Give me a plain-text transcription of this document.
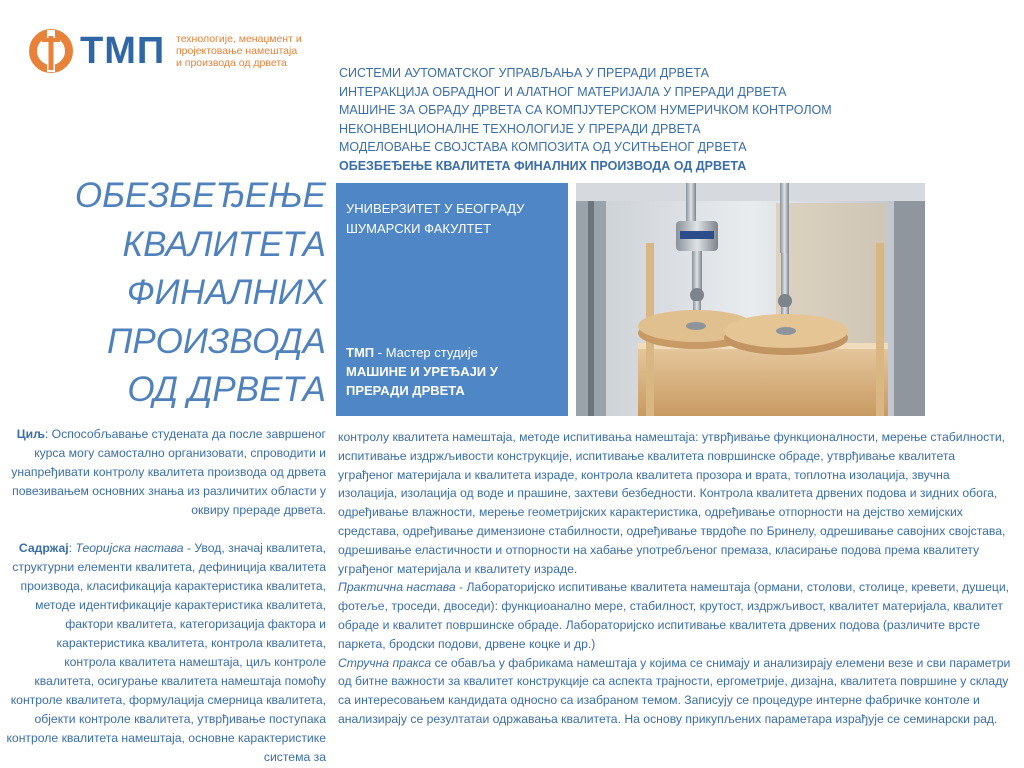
ТМП технологије, менаџмент и
пројектовање намештаја
и производа од дрвета
СИСТЕМИ АУТОМАТСКОГ УПРАВЉАЊА У ПРЕРАДИ ДРВЕТА
ИНТЕРАКЦИЈА ОБРАДНОГ И АЛАТНОГ МАТЕРИЈАЛА У ПРЕРАДИ ДРВЕТА
МАШИНЕ ЗА ОБРАДУ ДРВЕТА СА КОМПЈУТЕРСКОМ НУМЕРИЧКОМ КОНТРОЛОМ
НЕКОНВЕНЦИОНАЛНЕ ТЕХНОЛОГИЈЕ У ПРЕРАДИ ДРВЕТА
МОДЕЛОВАЊЕ СВОЈСТАВА КОМПОЗИТА ОД УСИТЊЕНОГ ДРВЕТА
ОБЕЗБЕЂЕЊЕ КВАЛИТЕТА ФИНАЛНИХ ПРОИЗВОДА ОД ДРВЕТА
ОБЕЗБЕЂЕЊЕ
КВАЛИТЕТА
ФИНАЛНИХ
ПРОИЗВОДА
ОД ДРВЕТА
УНИВЕРЗИТЕТ У БЕОГРАДУ
ШУМАРСКИ ФАКУЛТЕТ
ТМП - Мастер студије
МАШИНЕ И УРЕЂАЈИ У
ПРЕРАДИ ДРВЕТА

Циљ: Оспособљавање студената да после завршеног курса могу самостално организовати, спроводити и унапређивати контролу квалитета производа од дрвета повезивањем основних знања из различитих области у оквиру прераде дрвета.

Садржај: Теоријска настава - Увод, значај квалитета, структурни елементи квалитета, дефиниција квалитета производа, класификација карактеристика квалитета, методе идентификације карактеристика квалитета, фактори квалитета, категоризација фактора и карактеристика квалитета, контрола квалитета, контрола квалитета намештаја, циљ контроле квалитета, осигурање квалитета намештаја помоћу контроле квалитета, формулација смерница квалитета, објекти контроле квалитета, утврђивање поступака контроле квалитета намештаја, основне карактеристике система за

контролу квалитета намештаја, методе испитивања намештаја: утврђивање функционалности, мерење стабилности, испитивање издржљивости конструкције, испитивање квалитета површинске обраде, утврђивање квалитета уграђеног материјала и квалитета израде, контрола квалитета прозора и врата, топлотна изолација, звучна изолација, изолација од воде и прашине, захтеви безбедности. Контрола квалитета дрвених подова и зидних обога, одређивање влажности, мерење геометријских карактеристика, одређивање отпорности на дејство хемијских средстава, одређивање димензионе стабилности, одређивање тврдоће по Бринелу, одрешивање савојних својстава, одрешивање еластичности и отпорности на хабање употребљеног премаза, класирање подова према квалитету уграђеног материјала и квалитету израде.

Практична настава - Лабораторијско испитивање квалитета намештаја (ормани, столови, столице, кревети, душеци, фотеље, троседи, двоседи): функциоанално мере, стабилност, крутост, издржљивост, квалитет материјала, квалитет обраде и квалитет површинске обраде. Лабораторијско испитивање квалитета дрвених подова (различите врсте паркета, бродски подови, дрвене коцке и др.)

Стручна пракса се обавља у фабрикама намештаја у којима се снимају и анализирају елемени везе и сви параметри од битне важности за квалитет конструкције са аспекта трајности, ергометрије, дизајна, квалитета површине у складу са интересовањем кандидата односно са изабраном темом. Записују се процедуре интерне фабричке контоле и анализирају се резултатаи одржавања квалитета. На основу прикупљених параметара израђује се семинарски рад.
